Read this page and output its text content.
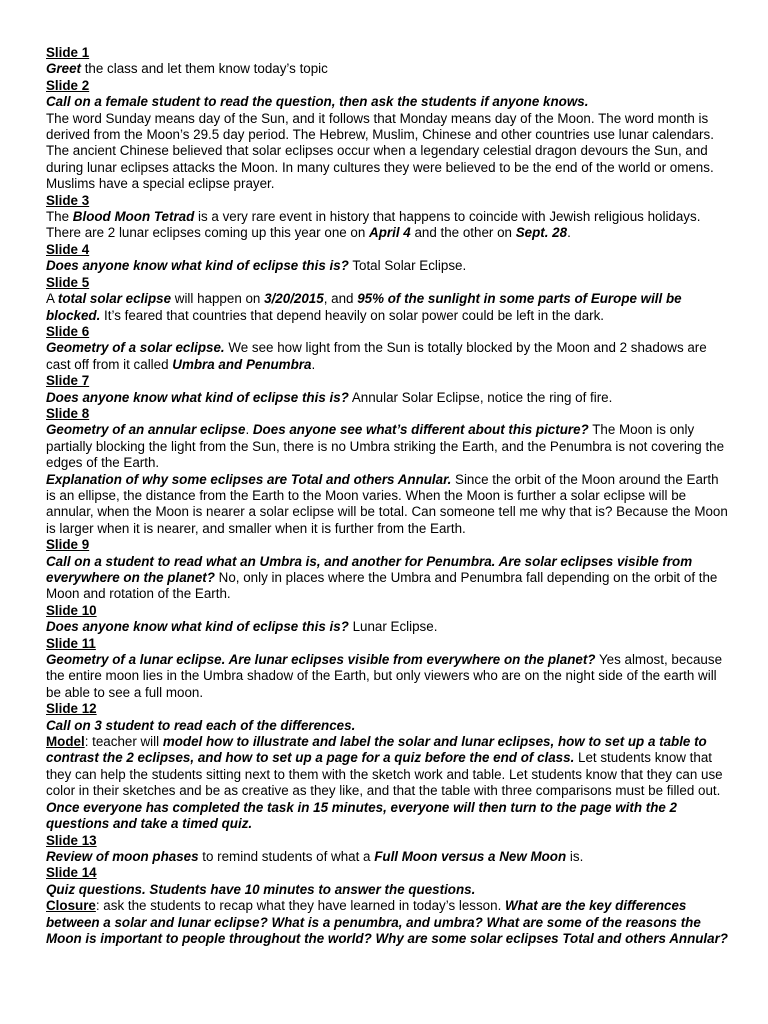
Slide 1

Greet the class and let them know today’s topic

Slide 2

Call on a female student to read the question, then ask the students if anyone knows.

The word Sunday means day of the Sun, and it follows that Monday means day of the Moon. The word month is derived from the Moon’s 29.5 day period. The Hebrew, Muslim, Chinese and other countries use lunar calendars. The ancient Chinese believed that solar eclipses occur when a legendary celestial dragon devours the Sun, and during lunar eclipses attacks the Moon. In many cultures they were believed to be the end of the world or omens. Muslims have a special eclipse prayer.

Slide 3

The Blood Moon Tetrad is a very rare event in history that happens to coincide with Jewish religious holidays. There are 2 lunar eclipses coming up this year one on April 4 and the other on Sept. 28.

Slide 4

Does anyone know what kind of eclipse this is? Total Solar Eclipse.

Slide 5

A total solar eclipse will happen on 3/20/2015, and 95% of the sunlight in some parts of Europe will be blocked. It’s feared that countries that depend heavily on solar power could be left in the dark.

Slide 6

Geometry of a solar eclipse. We see how light from the Sun is totally blocked by the Moon and 2 shadows are cast off from it called Umbra and Penumbra.

Slide 7

Does anyone know what kind of eclipse this is? Annular Solar Eclipse, notice the ring of fire.

Slide 8

Geometry of an annular eclipse. Does anyone see what’s different about this picture? The Moon is only partially blocking the light from the Sun, there is no Umbra striking the Earth, and the Penumbra is not covering the edges of the Earth.

Explanation of why some eclipses are Total and others Annular. Since the orbit of the Moon around the Earth is an ellipse, the distance from the Earth to the Moon varies. When the Moon is further a solar eclipse will be annular, when the Moon is nearer a solar eclipse will be total. Can someone tell me why that is? Because the Moon is larger when it is nearer, and smaller when it is further from the Earth.

Slide 9

Call on a student to read what an Umbra is, and another for Penumbra. Are solar eclipses visible from everywhere on the planet? No, only in places where the Umbra and Penumbra fall depending on the orbit of the Moon and rotation of the Earth.

Slide 10

Does anyone know what kind of eclipse this is? Lunar Eclipse.

Slide 11

Geometry of a lunar eclipse. Are lunar eclipses visible from everywhere on the planet? Yes almost, because the entire moon lies in the Umbra shadow of the Earth, but only viewers who are on the night side of the earth will be able to see a full moon.

Slide 12

Call on 3 student to read each of the differences.

Model: teacher will model how to illustrate and label the solar and lunar eclipses, how to set up a table to contrast the 2 eclipses, and how to set up a page for a quiz before the end of class. Let students know that they can help the students sitting next to them with the sketch work and table. Let students know that they can use color in their sketches and be as creative as they like, and that the table with three comparisons must be filled out. Once everyone has completed the task in 15 minutes, everyone will then turn to the page with the 2 questions and take a timed quiz.

Slide 13

Review of moon phases to remind students of what a Full Moon versus a New Moon is.

Slide 14

Quiz questions. Students have 10 minutes to answer the questions.

Closure: ask the students to recap what they have learned in today’s lesson. What are the key differences between a solar and lunar eclipse? What is a penumbra, and umbra? What are some of the reasons the Moon is important to people throughout the world? Why are some solar eclipses Total and others Annular?
